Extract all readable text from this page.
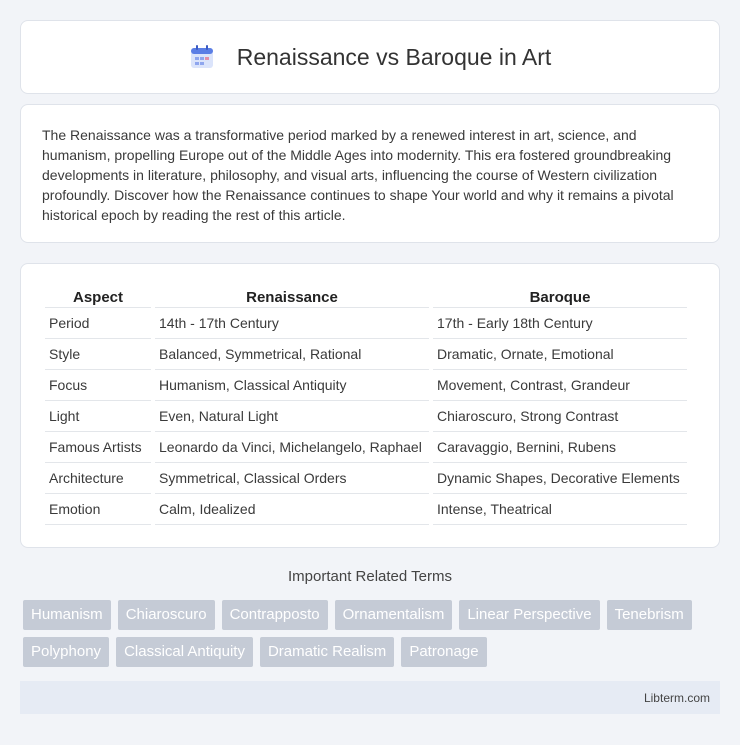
Renaissance vs Baroque in Art

The Renaissance was a transformative period marked by a renewed interest in art, science, and humanism, propelling Europe out of the Middle Ages into modernity. This era fostered groundbreaking developments in literature, philosophy, and visual arts, influencing the course of Western civilization profoundly. Discover how the Renaissance continues to shape Your world and why it remains a pivotal historical epoch by reading the rest of this article.

Aspect	Renaissance	Baroque
Period	14th - 17th Century	17th - Early 18th Century
Style	Balanced, Symmetrical, Rational	Dramatic, Ornate, Emotional
Focus	Humanism, Classical Antiquity	Movement, Contrast, Grandeur
Light	Even, Natural Light	Chiaroscuro, Strong Contrast
Famous Artists	Leonardo da Vinci, Michelangelo, Raphael	Caravaggio, Bernini, Rubens
Architecture	Symmetrical, Classical Orders	Dynamic Shapes, Decorative Elements
Emotion	Calm, Idealized	Intense, Theatrical
Important Related Terms
Humanism	Chiaroscuro	Contrapposto	Ornamentalism	Linear Perspective	Tenebrism
Polyphony	Classical Antiquity	Dramatic Realism	Patronage
Libterm.com
